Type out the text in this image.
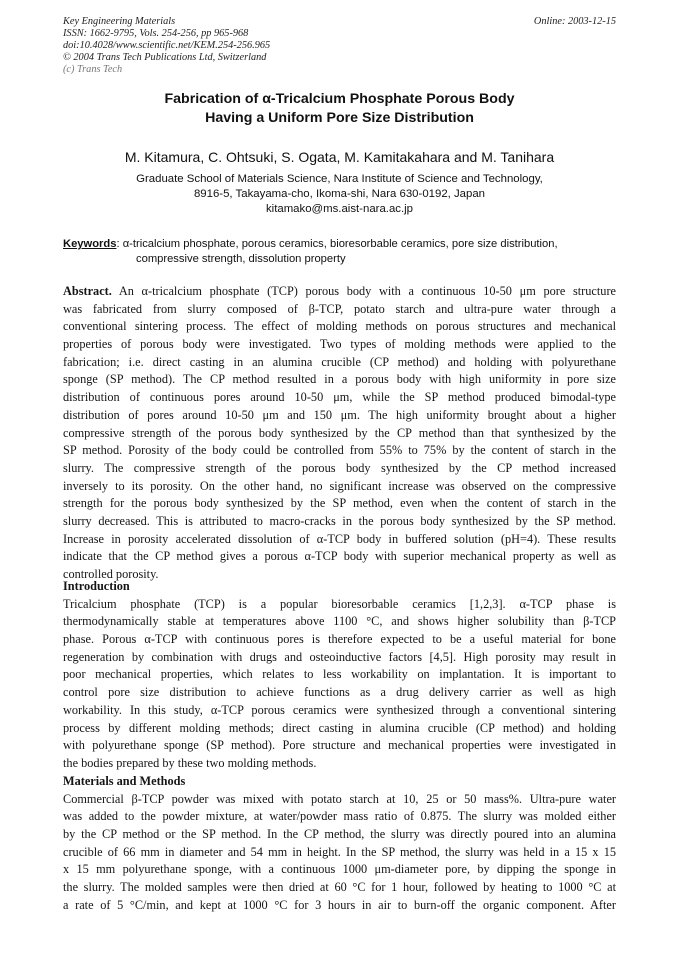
Key Engineering Materials
ISSN: 1662-9795, Vols. 254-256, pp 965-968
doi:10.4028/www.scientific.net/KEM.254-256.965
© 2004 Trans Tech Publications Ltd, Switzerland
(c) Trans Tech
Online: 2003-12-15
Fabrication of α-Tricalcium Phosphate Porous Body
Having a Uniform Pore Size Distribution
M. Kitamura, C. Ohtsuki, S. Ogata, M. Kamitakahara and M. Tanihara
Graduate School of Materials Science, Nara Institute of Science and Technology,
8916-5, Takayama-cho, Ikoma-shi, Nara 630-0192, Japan
kitamako@ms.aist-nara.ac.jp
Keywords: α-tricalcium phosphate, porous ceramics, bioresorbable ceramics, pore size distribution,
compressive strength, dissolution property
Abstract. An α-tricalcium phosphate (TCP) porous body with a continuous 10-50 μm pore structure
was fabricated from slurry composed of β-TCP, potato starch and ultra-pure water through a
conventional sintering process. The effect of molding methods on porous structures and mechanical
properties of porous body were investigated. Two types of molding methods were applied to the
fabrication; i.e. direct casting in an alumina crucible (CP method) and holding with polyurethane
sponge (SP method). The CP method resulted in a porous body with high uniformity in pore size
distribution of continuous pores around 10-50 μm, while the SP method produced bimodal-type
distribution of pores around 10-50 μm and 150 μm. The high uniformity brought about a higher
compressive strength of the porous body synthesized by the CP method than that synthesized by the
SP method. Porosity of the body could be controlled from 55% to 75% by the content of starch in the
slurry. The compressive strength of the porous body synthesized by the CP method increased
inversely to its porosity. On the other hand, no significant increase was observed on the compressive
strength for the porous body synthesized by the SP method, even when the content of starch in the
slurry decreased. This is attributed to macro-cracks in the porous body synthesized by the SP method.
Increase in porosity accelerated dissolution of α-TCP body in buffered solution (pH=4). These results
indicate that the CP method gives a porous α-TCP body with superior mechanical property as well as
controlled porosity.
Introduction
Tricalcium phosphate (TCP) is a popular bioresorbable ceramics [1,2,3]. α-TCP phase is
thermodynamically stable at temperatures above 1100 °C, and shows higher solubility than β-TCP
phase. Porous α-TCP with continuous pores is therefore expected to be a useful material for bone
regeneration by combination with drugs and osteoinductive factors [4,5]. High porosity may result in
poor mechanical properties, which relates to less workability on implantation. It is important to
control pore size distribution to achieve functions as a drug delivery carrier as well as high
workability. In this study, α-TCP porous ceramics were synthesized through a conventional sintering
process by different molding methods; direct casting in alumina crucible (CP method) and holding
with polyurethane sponge (SP method). Pore structure and mechanical properties were investigated in
the bodies prepared by these two molding methods.
Materials and Methods
Commercial β-TCP powder was mixed with potato starch at 10, 25 or 50 mass%. Ultra-pure water
was added to the powder mixture, at water/powder mass ratio of 0.875. The slurry was molded either
by the CP method or the SP method. In the CP method, the slurry was directly poured into an alumina
crucible of 66 mm in diameter and 54 mm in height. In the SP method, the slurry was held in a 15 x 15
x 15 mm polyurethane sponge, with a continuous 1000 μm-diameter pore, by dipping the sponge in
the slurry. The molded samples were then dried at 60 °C for 1 hour, followed by heating to 1000 °C at
a rate of 5 °C/min, and kept at 1000 °C for 3 hours in air to burn-off the organic component. After
